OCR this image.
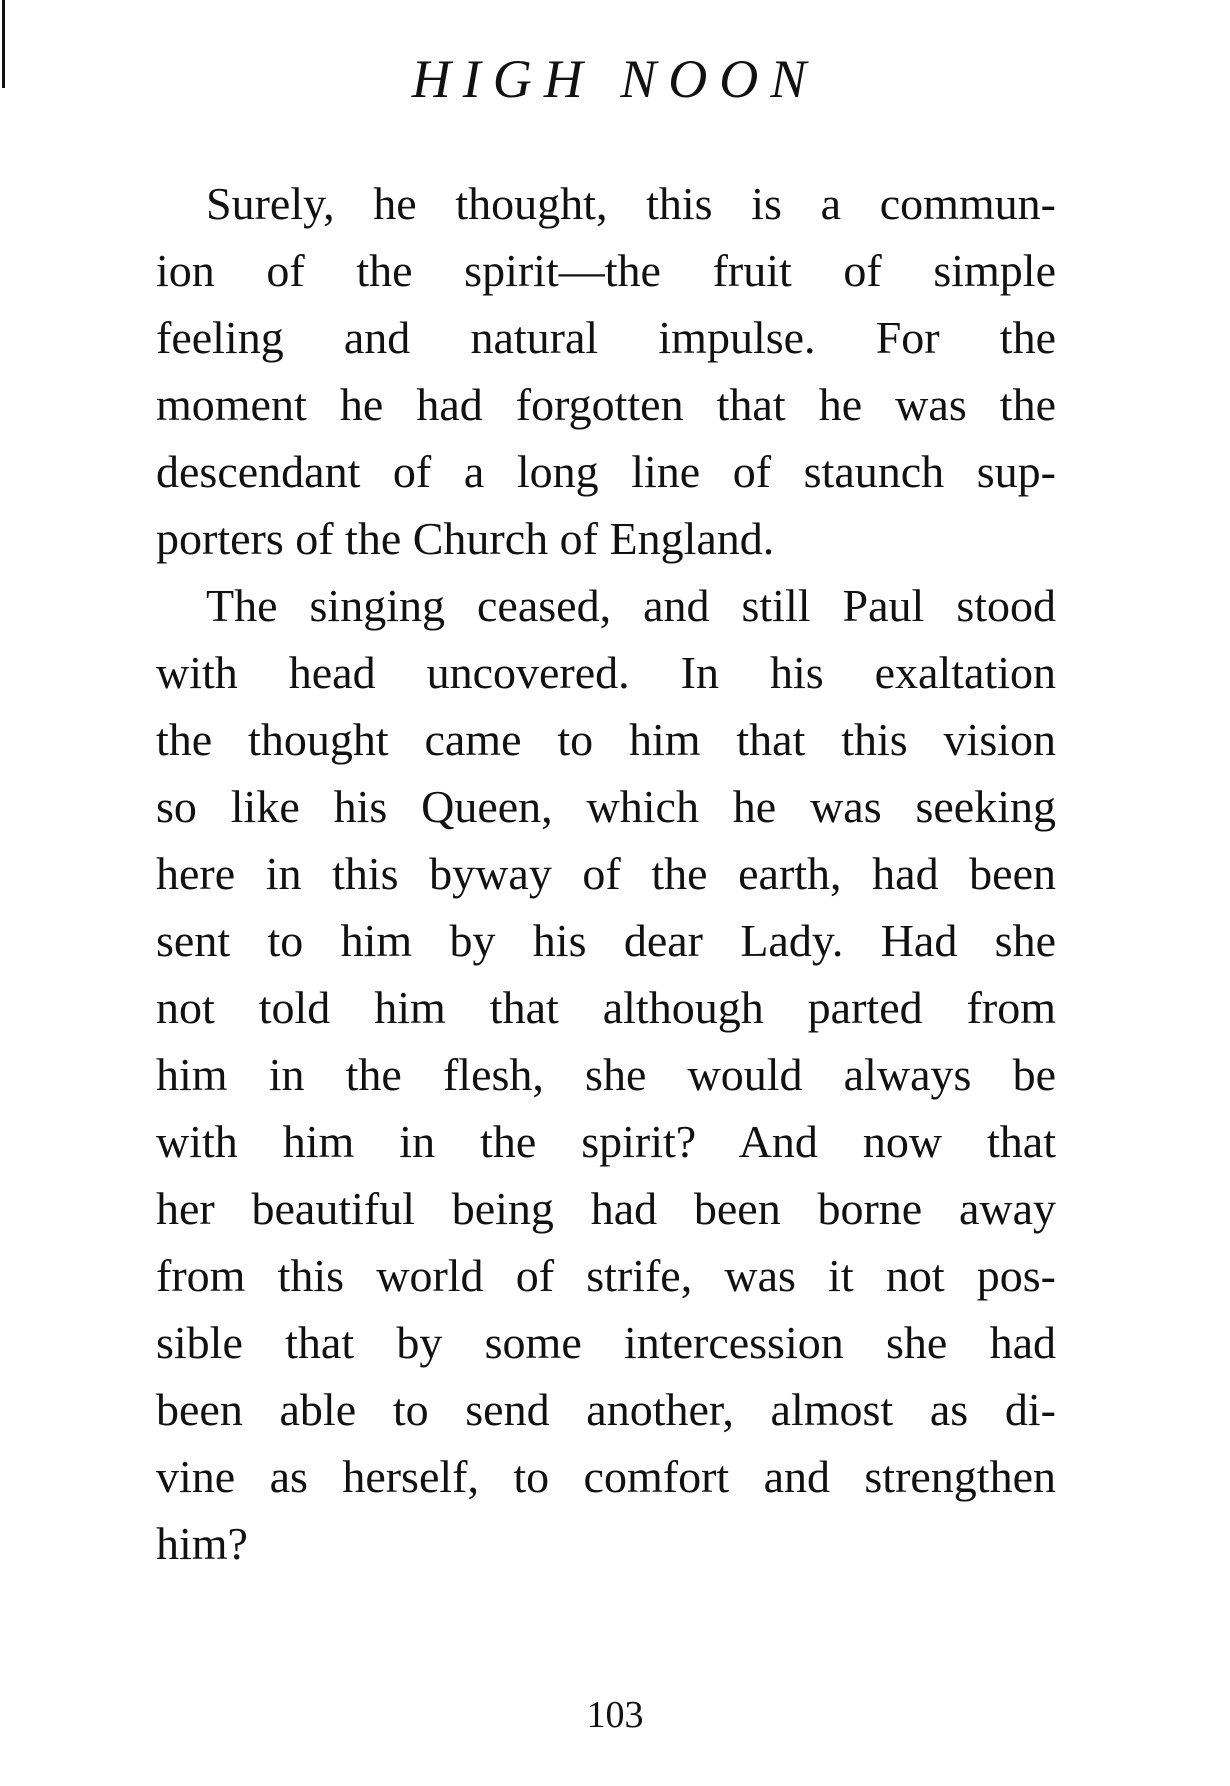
HIGH NOON
Surely, he thought, this is a commun-
ion of the spirit—the fruit of simple
feeling and natural impulse. For the
moment he had forgotten that he was the
descendant of a long line of staunch sup-
porters of the Church of England.
The singing ceased, and still Paul stood
with head uncovered. In his exaltation
the thought came to him that this vision
so like his Queen, which he was seeking
here in this byway of the earth, had been
sent to him by his dear Lady. Had she
not told him that although parted from
him in the flesh, she would always be
with him in the spirit? And now that
her beautiful being had been borne away
from this world of strife, was it not pos-
sible that by some intercession she had
been able to send another, almost as di-
vine as herself, to comfort and strengthen
him?
103
